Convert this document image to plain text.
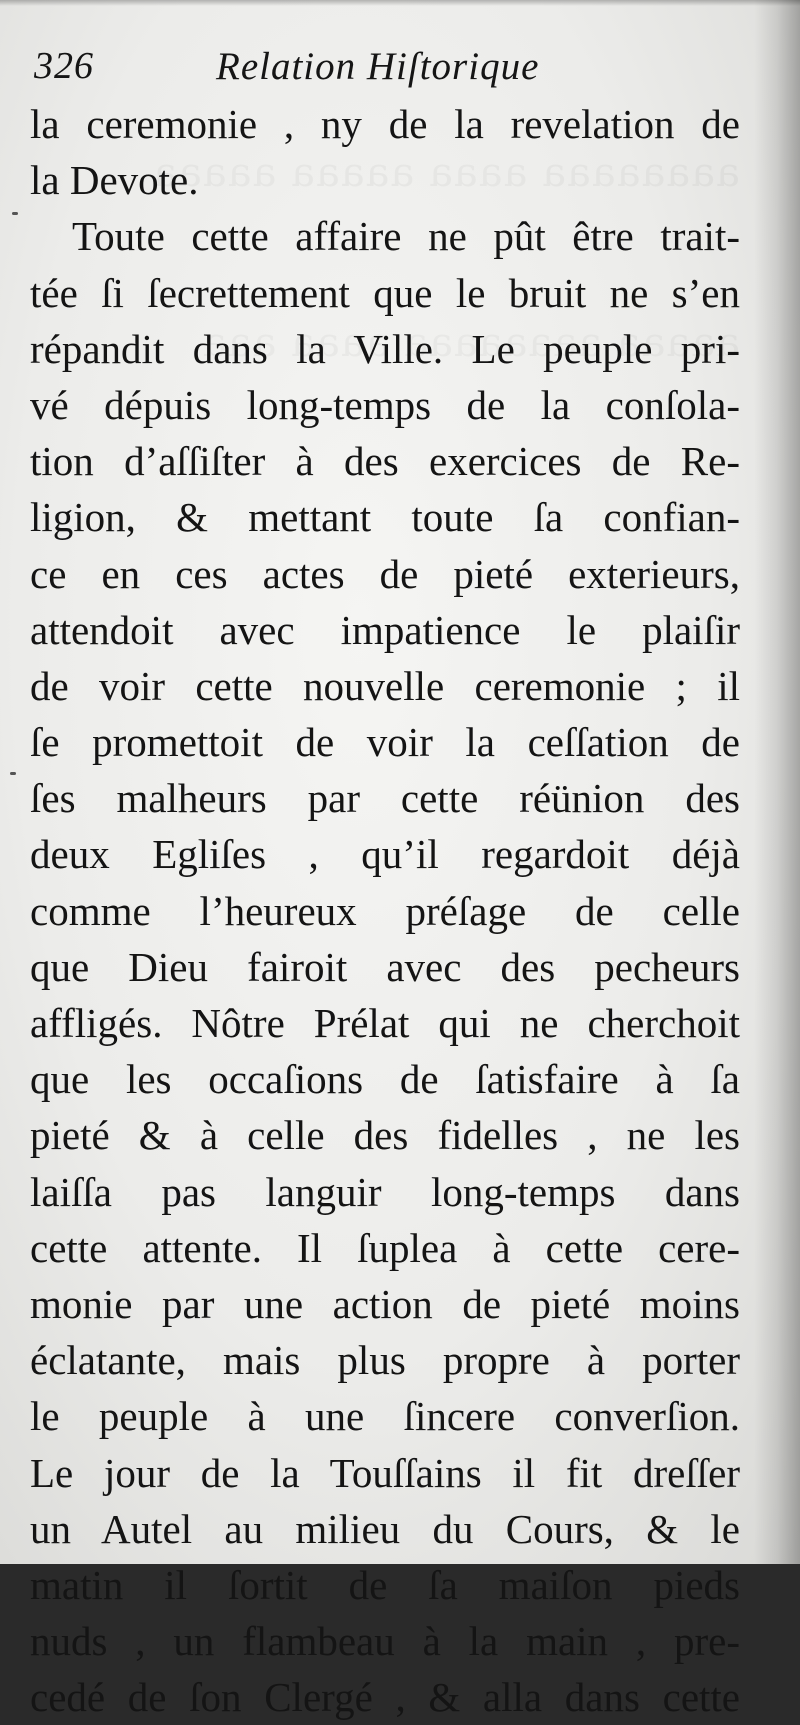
326	Relation Hiſtorique
la ceremonie , ny de la revelation de
la Devote.
Toute cette affaire ne pût être trait-
tée ſi ſecrettement que le bruit ne s’en
répandit dans la Ville. Le peuple pri-
vé dépuis long-temps de la conſola-
tion d’aſſiſter à des exercices de Re-
ligion, & mettant toute ſa confian-
ce en ces actes de pieté exterieurs,
attendoit avec impatience le plaiſir
de voir cette nouvelle ceremonie ; il
ſe promettoit de voir la ceſſation de
ſes malheurs par cette réünion des
deux Egliſes , qu’il regardoit déjà
comme l’heureux préſage de celle
que Dieu fairoit avec des pecheurs
affligés. Nôtre Prélat qui ne cherchoit
que les occaſions de ſatisfaire à ſa
pieté & à celle des fidelles , ne les
laiſſa pas languir long-temps dans
cette attente. Il ſuplea à cette cere-
monie par une action de pieté moins
éclatante, mais plus propre à porter
le peuple à une ſincere converſion.
Le jour de la Touſſains il fit dreſſer
un Autel au milieu du Cours, & le
matin il ſortit de ſa maiſon pieds
nuds , un flambeau à la main , pre-
cedé de ſon Clergé , & alla dans cette
